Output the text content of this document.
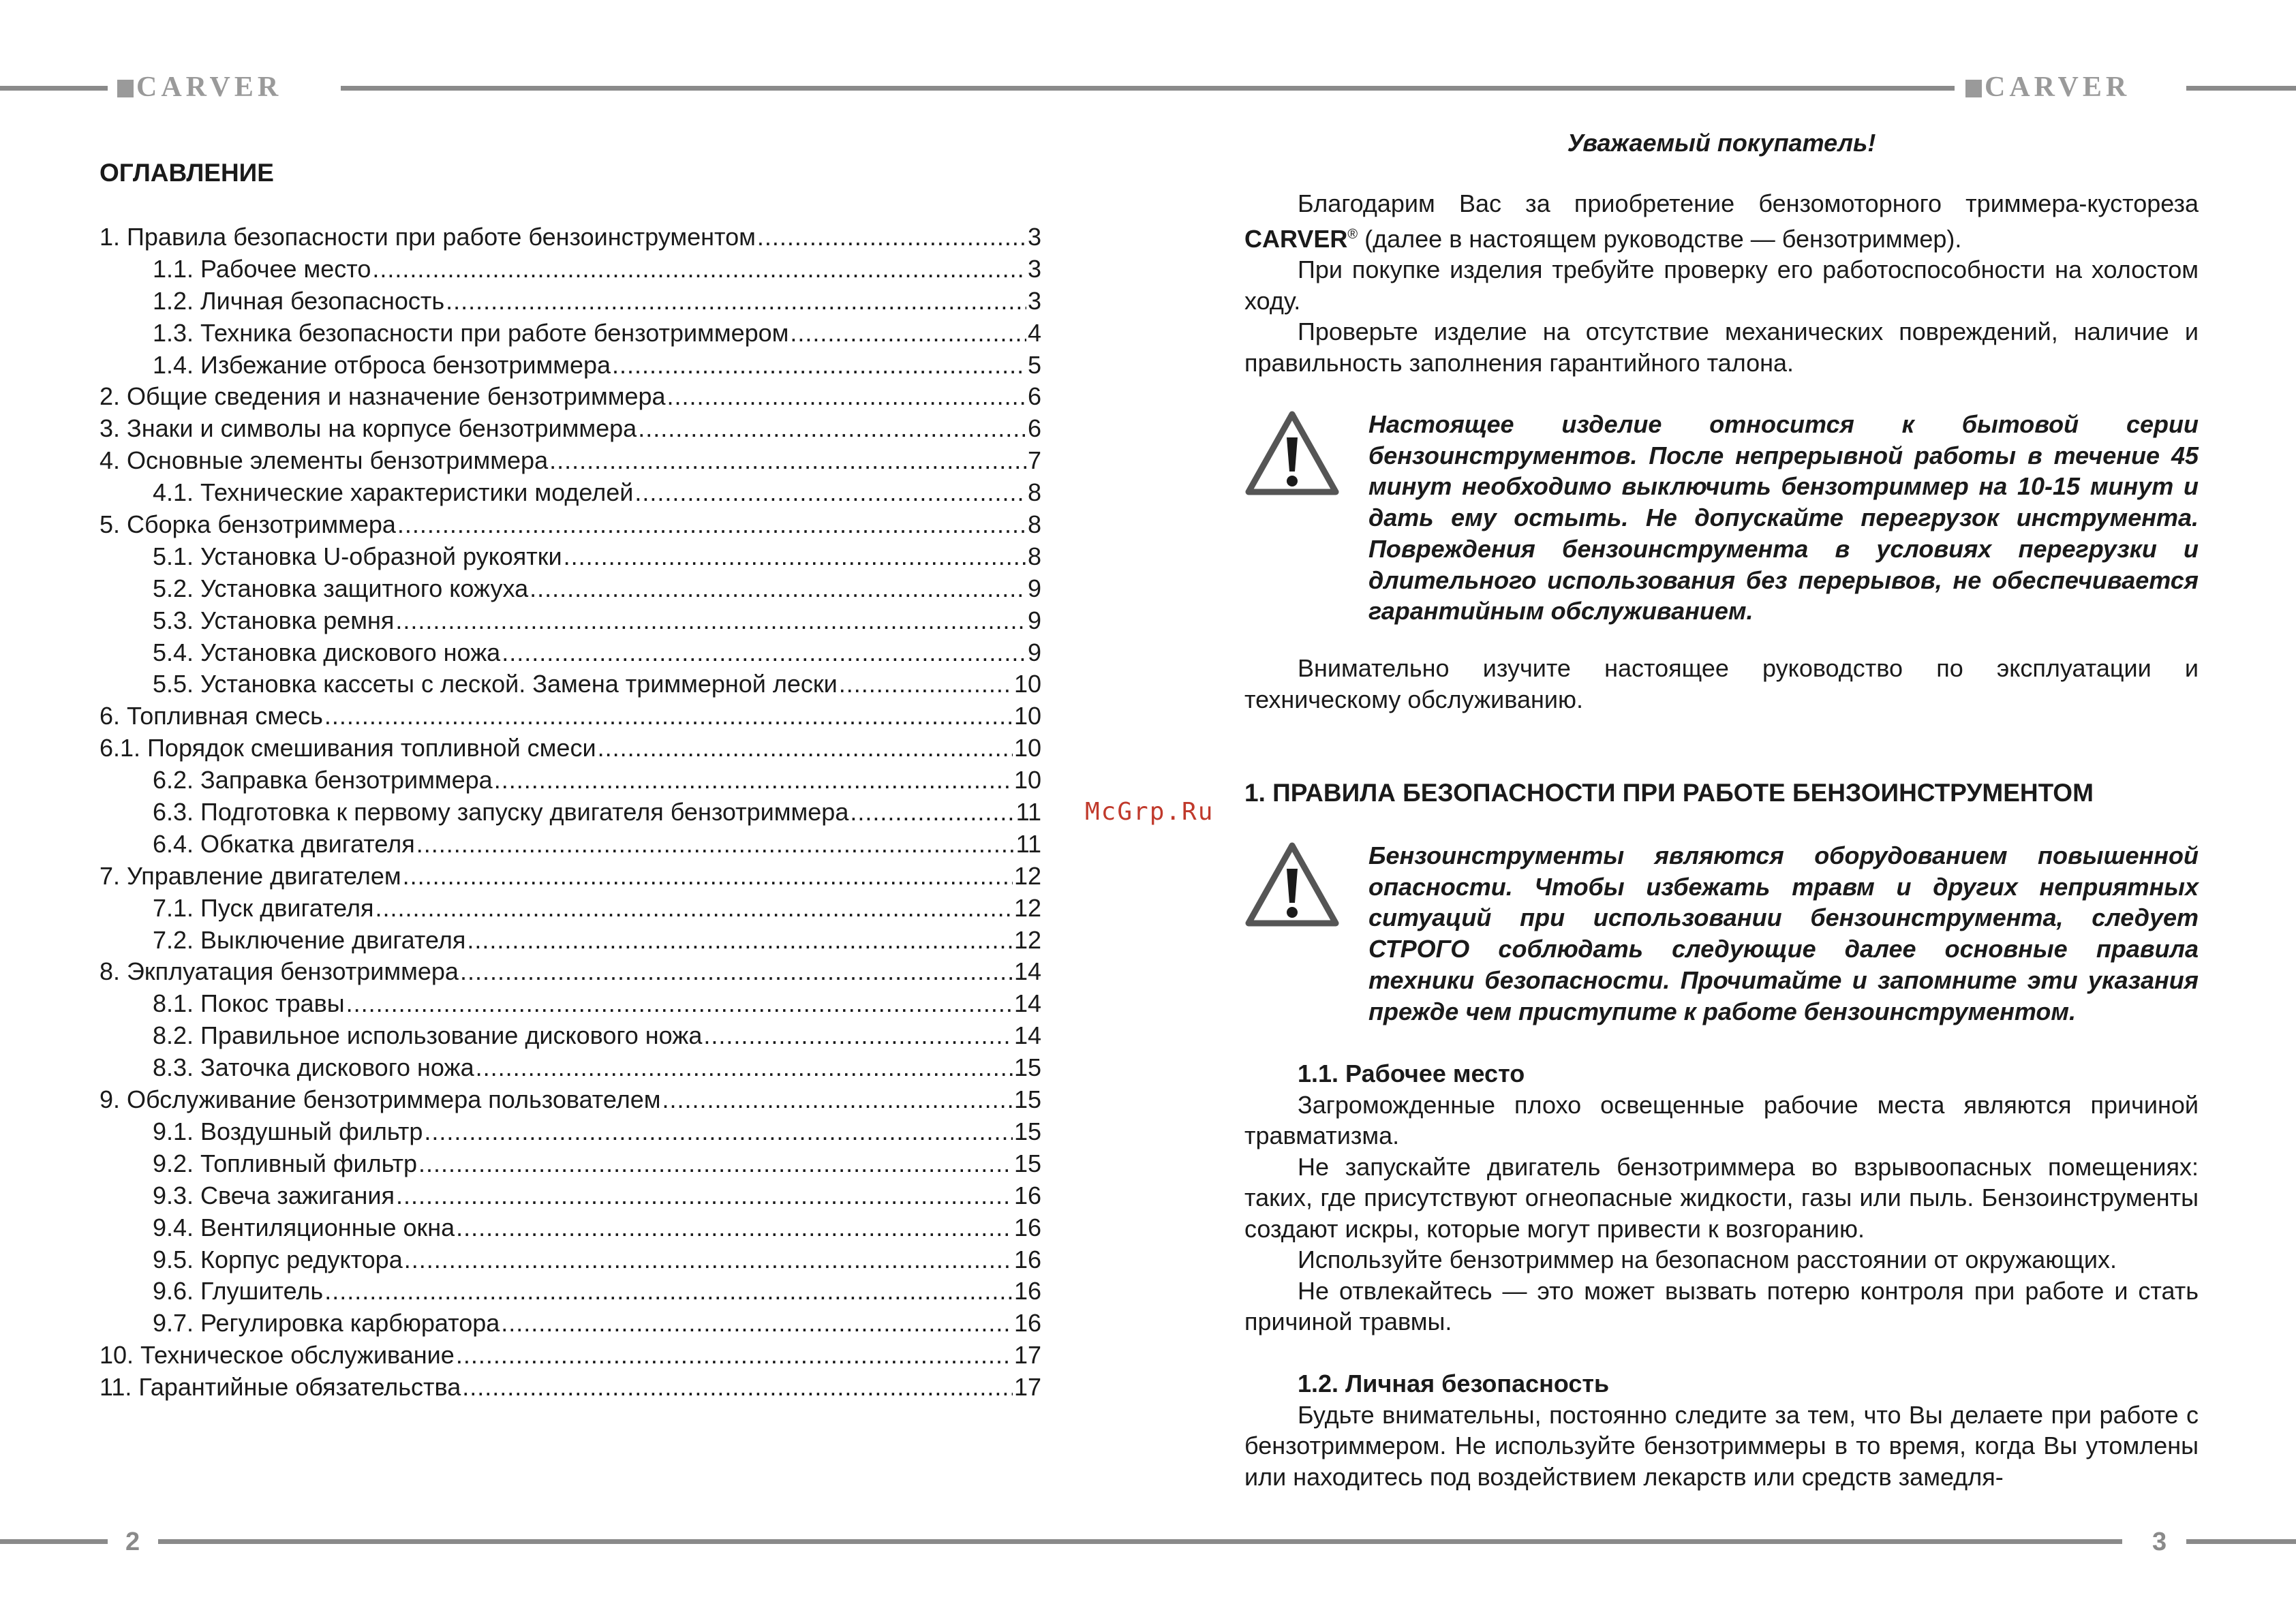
CARVER	CARVER
ОГЛАВЛЕНИЕ
1. Правила безопасности при работе бензоинструментом .....	3
1.1. Рабочее место .....	3
1.2. Личная безопасность .....	3
1.3. Техника безопасности при работе бензотриммером .....	4
1.4. Избежание отброса бензотриммера .....	5
2. Общие сведения и назначение бензотриммера .....	6
3. Знаки и символы на корпусе бензотриммера .....	6
4. Основные элементы бензотриммера .....	7
4.1. Технические характеристики моделей .....	8
5. Сборка бензотриммера .....	8
5.1. Установка U-образной рукоятки .....	8
5.2. Установка защитного кожуха .....	9
5.3. Установка ремня .....	9
5.4. Установка дискового ножа .....	9
5.5. Установка кассеты с леской. Замена триммерной лески .....	10
6. Топливная смесь .....	10
6.1. Порядок смешивания топливной смеси .....	10
6.2. Заправка бензотриммера .....	10
6.3. Подготовка к первому запуску двигателя бензотриммера .....	11
6.4. Обкатка двигателя .....	11
7. Управление двигателем .....	12
7.1. Пуск двигателя .....	12
7.2. Выключение двигателя .....	12
8. Экплуатация бензотриммера .....	14
8.1. Покос травы .....	14
8.2. Правильное использование дискового ножа .....	14
8.3. Заточка дискового ножа .....	15
9. Обслуживание бензотриммера пользователем .....	15
9.1. Воздушный фильтр .....	15
9.2. Топливный фильтр .....	15
9.3. Свеча зажигания .....	16
9.4. Вентиляционные окна .....	16
9.5. Корпус редуктора .....	16
9.6. Глушитель .....	16
9.7. Регулировка карбюратора .....	16
10. Техническое обслуживание .....	17
11. Гарантийные обязательства .....	17
McGrp.Ru
Уважаемый покупатель!

Благодарим Вас за приобретение бензомоторного триммера-кустореза CARVER® (далее в настоящем руководстве — бензотриммер).

При покупке изделия требуйте проверку его работоспособности на холостом ходу.

Проверьте изделие на отсутствие механических повреждений, наличие и правильность заполнения гарантийного талона.

Настоящее изделие относится к бытовой серии бензоинструментов. После непрерывной работы в течение 45 минут необходимо выключить бензотриммер на 10-15 минут и дать ему остыть. Не допускайте перегрузок инструмента. Повреждения бензоинструмента в условиях перегрузки и длительного использования без перерывов, не обеспечивается гарантийным обслуживанием.

Внимательно изучите настоящее руководство по эксплуатации и техническому обслуживанию.

1. ПРАВИЛА БЕЗОПАСНОСТИ ПРИ РАБОТЕ БЕНЗОИНСТРУМЕНТОМ
Бензоинструменты являются оборудованием повышенной опасности. Чтобы избежать травм и других неприятных ситуаций при использовании бензоинструмента, следует СТРОГО соблюдать следующие далее основные правила техники безопасности. Прочитайте и запомните эти указания прежде чем приступите к работе бензоинструментом.

1.1. Рабочее место

Загроможденные плохо освещенные рабочие места являются причиной травматизма.

Не запускайте двигатель бензотриммера во взрывоопасных помещениях: таких, где присутствуют огнеопасные жидкости, газы или пыль. Бензоинструменты создают искры, которые могут привести к возгоранию.

Используйте бензотриммер на безопасном расстоянии от окружающих.

Не отвлекайтесь — это может вызвать потерю контроля при работе и стать причиной травмы.

1.2. Личная безопасность

Будьте внимательны, постоянно следите за тем, что Вы делаете при работе с бензотриммером. Не используйте бензотриммеры в то время, когда Вы утомлены или находитесь под воздействием лекарств или средств замедля-

2	3
